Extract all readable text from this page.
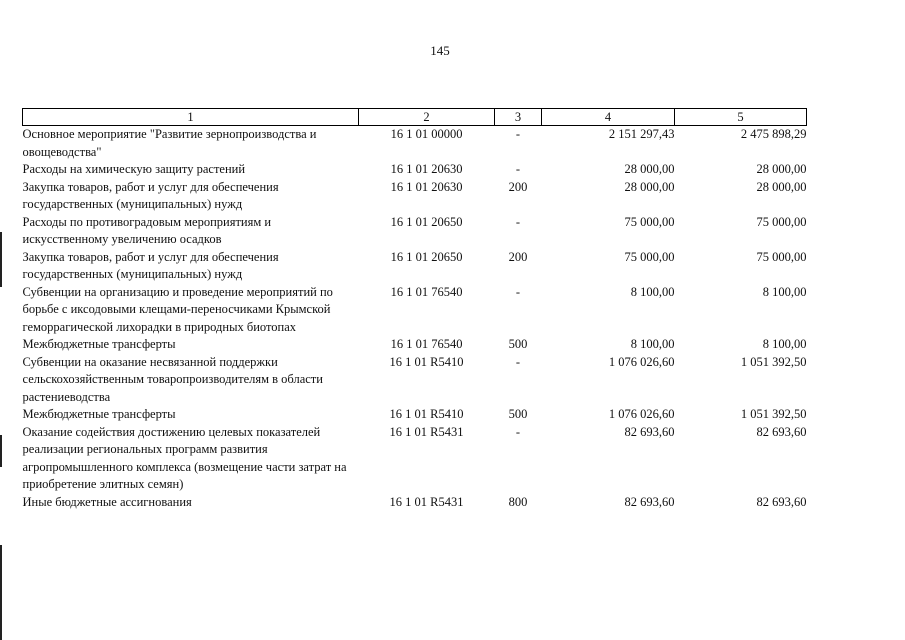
145
1	2	3	4	5
Основное мероприятие "Развитие зернопроизводства и овощеводства"	16 1 01 00000	-	2 151 297,43	2 475 898,29
Расходы на химическую защиту растений	16 1 01 20630	-	28 000,00	28 000,00
Закупка товаров, работ и услуг для обеспечения государственных (муниципальных) нужд	16 1 01 20630	200	28 000,00	28 000,00
Расходы по противоградовым мероприятиям и искусственному увеличению осадков	16 1 01 20650	-	75 000,00	75 000,00
Закупка товаров, работ и услуг для обеспечения государственных (муниципальных) нужд	16 1 01 20650	200	75 000,00	75 000,00
Субвенции на организацию и проведение мероприятий по борьбе с иксодовыми клещами-переносчиками Крымской геморрагической лихорадки в природных биотопах	16 1 01 76540	-	8 100,00	8 100,00
Межбюджетные трансферты	16 1 01 76540	500	8 100,00	8 100,00
Субвенции на оказание несвязанной поддержки сельскохозяйственным товаропроизводителям в области растениеводства	16 1 01 R5410	-	1 076 026,60	1 051 392,50
Межбюджетные трансферты	16 1 01 R5410	500	1 076 026,60	1 051 392,50
Оказание содействия достижению целевых показателей реализации региональных программ развития агропромышленного комплекса (возмещение части затрат на приобретение элитных семян)	16 1 01 R5431	-	82 693,60	82 693,60
Иные бюджетные ассигнования	16 1 01 R5431	800	82 693,60	82 693,60
